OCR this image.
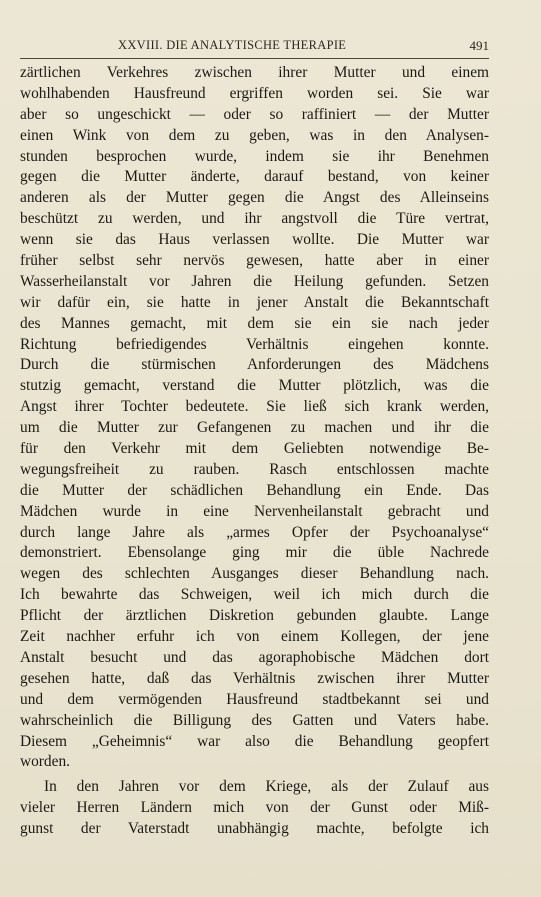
XXVIII. DIE ANALYTISCHE THERAPIE	491
zärtlichen Verkehres zwischen ihrer Mutter und einem
wohlhabenden Hausfreund ergriffen worden sei. Sie war
aber so ungeschickt — oder so raffiniert — der Mutter
einen Wink von dem zu geben, was in den Analysen-
stunden besprochen wurde, indem sie ihr Benehmen
gegen die Mutter änderte, darauf bestand, von keiner
anderen als der Mutter gegen die Angst des Alleinseins
beschützt zu werden, und ihr angstvoll die Türe vertrat,
wenn sie das Haus verlassen wollte. Die Mutter war
früher selbst sehr nervös gewesen, hatte aber in einer
Wasserheilanstalt vor Jahren die Heilung gefunden. Setzen
wir dafür ein, sie hatte in jener Anstalt die Bekanntschaft
des Mannes gemacht, mit dem sie ein sie nach jeder
Richtung befriedigendes Verhältnis eingehen konnte.
Durch die stürmischen Anforderungen des Mädchens
stutzig gemacht, verstand die Mutter plötzlich, was die
Angst ihrer Tochter bedeutete. Sie ließ sich krank werden,
um die Mutter zur Gefangenen zu machen und ihr die
für den Verkehr mit dem Geliebten notwendige Be-
wegungsfreiheit zu rauben. Rasch entschlossen machte
die Mutter der schädlichen Behandlung ein Ende. Das
Mädchen wurde in eine Nervenheilanstalt gebracht und
durch lange Jahre als „armes Opfer der Psychoanalyse“
demonstriert. Ebensolange ging mir die üble Nachrede
wegen des schlechten Ausganges dieser Behandlung nach.
Ich bewahrte das Schweigen, weil ich mich durch die
Pflicht der ärztlichen Diskretion gebunden glaubte. Lange
Zeit nachher erfuhr ich von einem Kollegen, der jene
Anstalt besucht und das agoraphobische Mädchen dort
gesehen hatte, daß das Verhältnis zwischen ihrer Mutter
und dem vermögenden Hausfreund stadtbekannt sei und
wahrscheinlich die Billigung des Gatten und Vaters habe.
Diesem „Geheimnis“ war also die Behandlung geopfert
worden.
In den Jahren vor dem Kriege, als der Zulauf aus
vieler Herren Ländern mich von der Gunst oder Miß-
gunst der Vaterstadt unabhängig machte, befolgte ich
